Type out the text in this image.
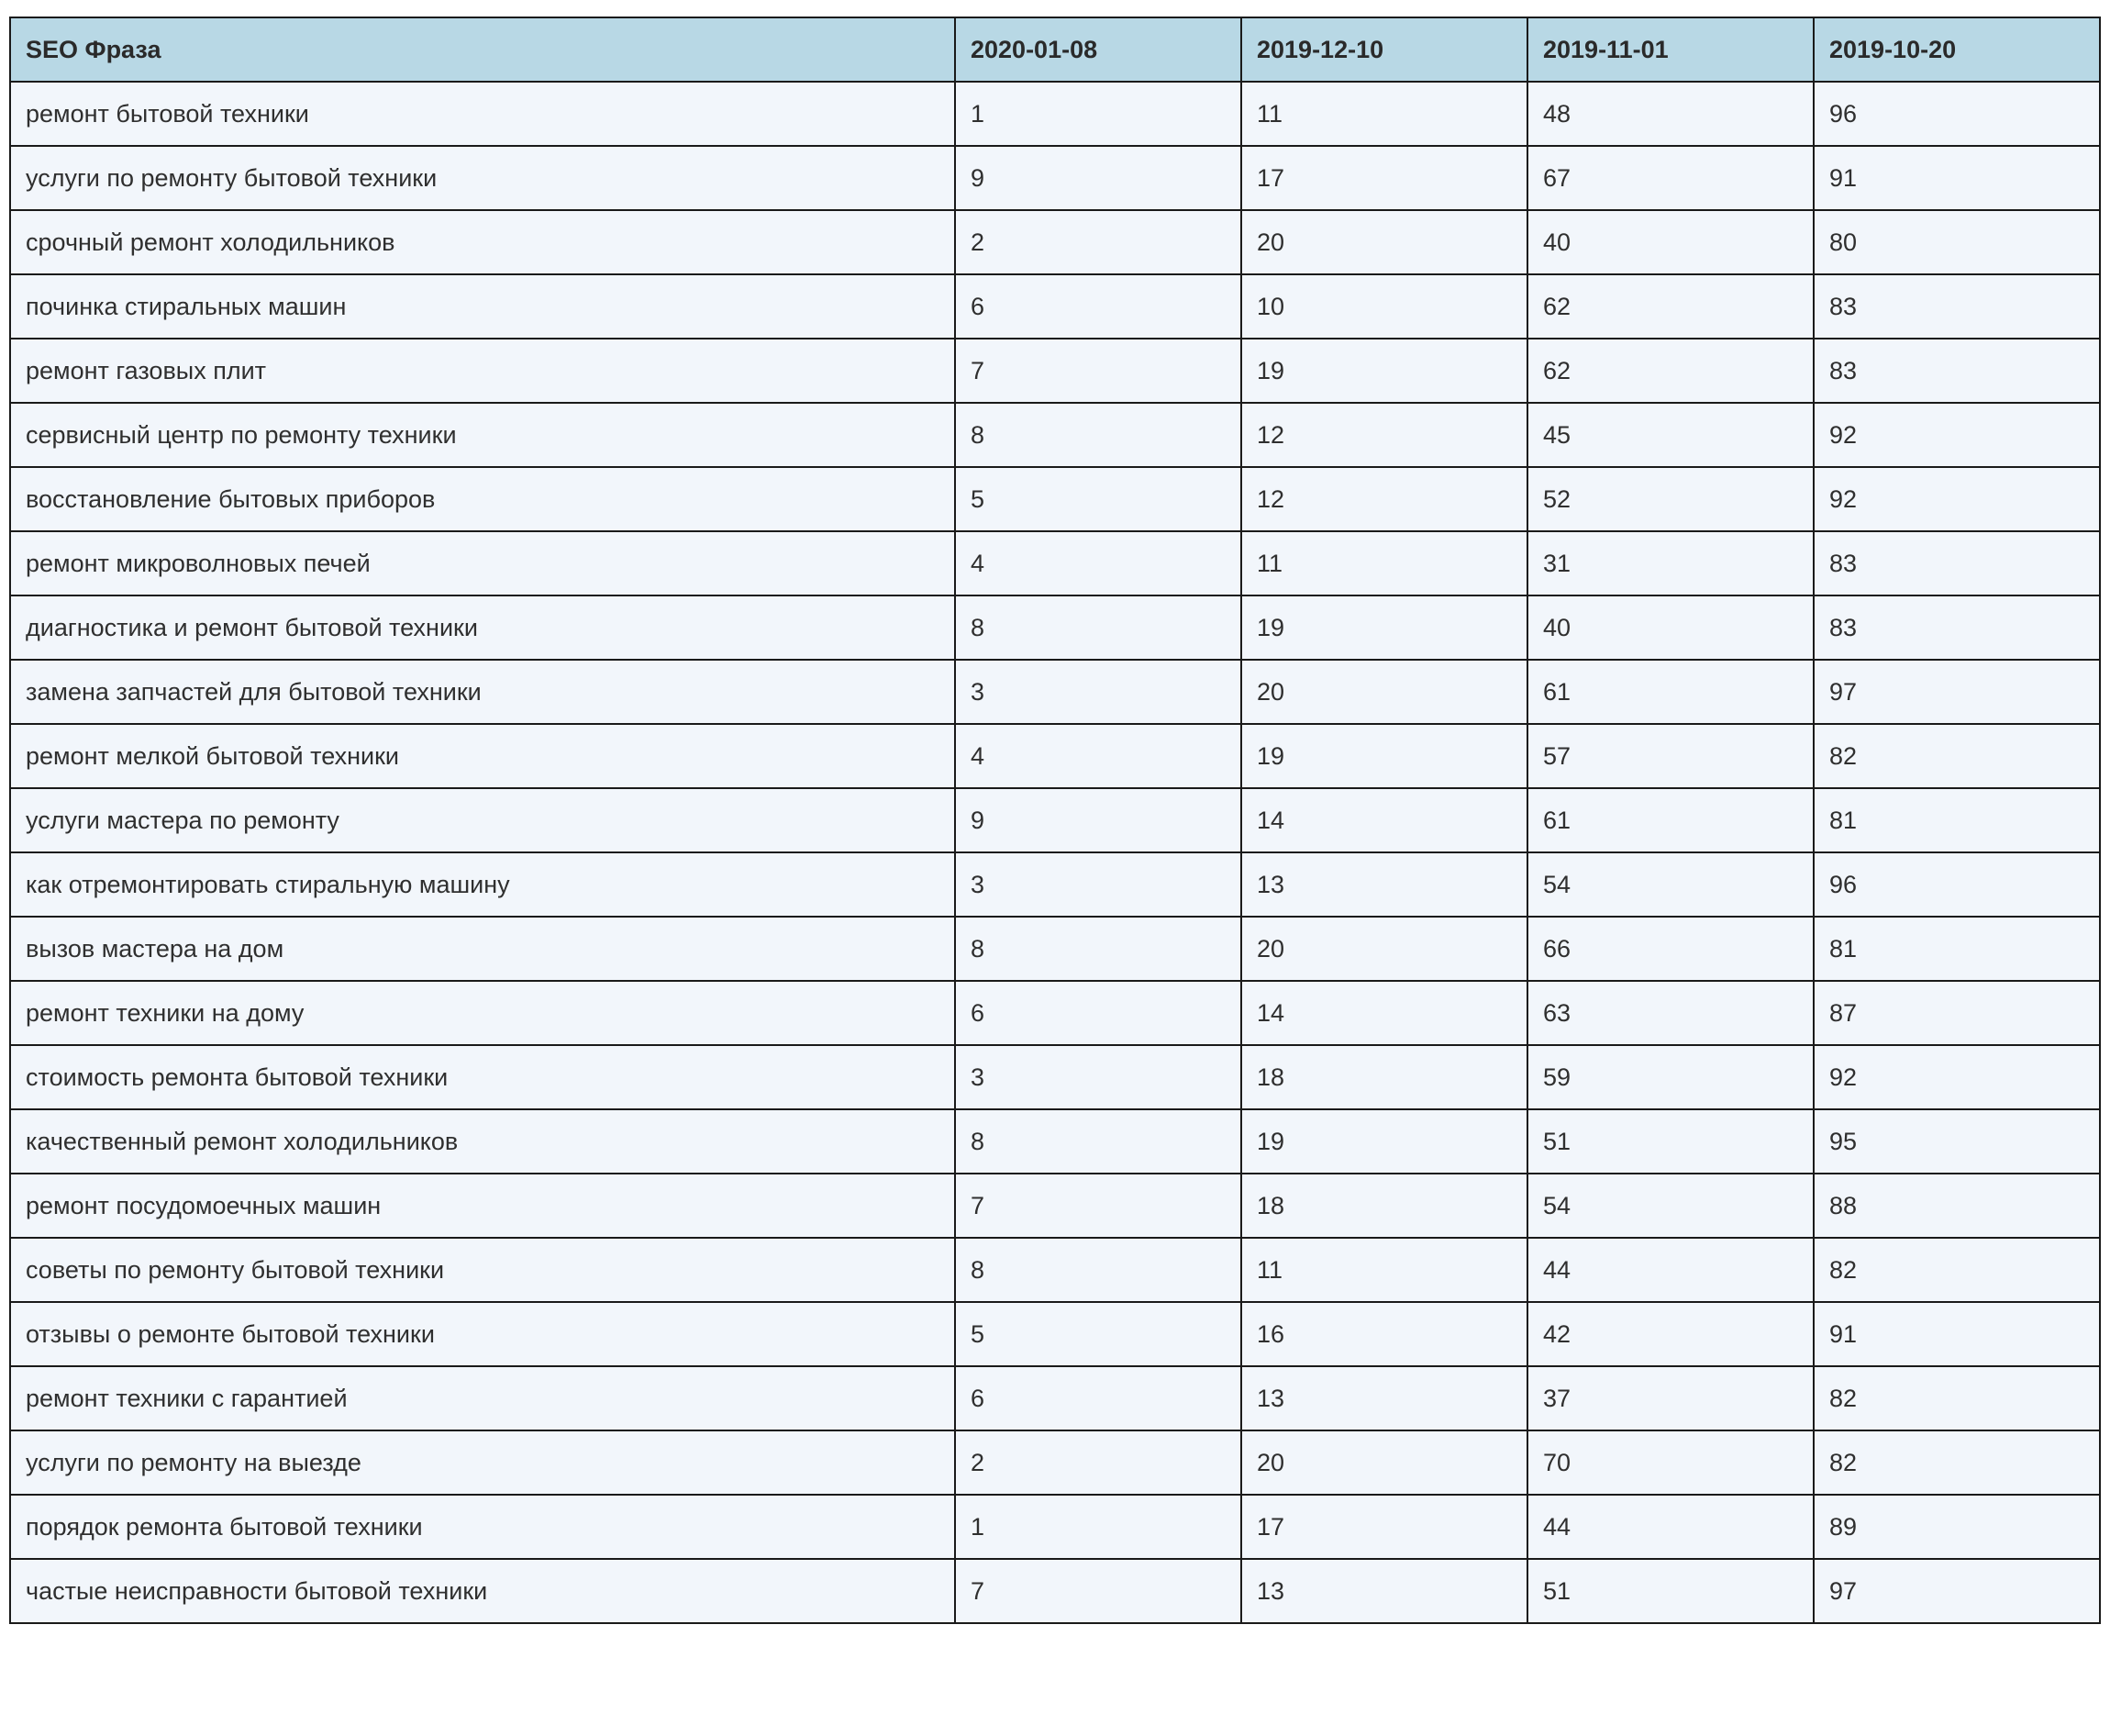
SEO Фраза	2020-01-08	2019-12-10	2019-11-01	2019-10-20
ремонт бытовой техники	1	11	48	96
услуги по ремонту бытовой техники	9	17	67	91
срочный ремонт холодильников	2	20	40	80
починка стиральных машин	6	10	62	83
ремонт газовых плит	7	19	62	83
сервисный центр по ремонту техники	8	12	45	92
восстановление бытовых приборов	5	12	52	92
ремонт микроволновых печей	4	11	31	83
диагностика и ремонт бытовой техники	8	19	40	83
замена запчастей для бытовой техники	3	20	61	97
ремонт мелкой бытовой техники	4	19	57	82
услуги мастера по ремонту	9	14	61	81
как отремонтировать стиральную машину	3	13	54	96
вызов мастера на дом	8	20	66	81
ремонт техники на дому	6	14	63	87
стоимость ремонта бытовой техники	3	18	59	92
качественный ремонт холодильников	8	19	51	95
ремонт посудомоечных машин	7	18	54	88
советы по ремонту бытовой техники	8	11	44	82
отзывы о ремонте бытовой техники	5	16	42	91
ремонт техники с гарантией	6	13	37	82
услуги по ремонту на выезде	2	20	70	82
порядок ремонта бытовой техники	1	17	44	89
частые неисправности бытовой техники	7	13	51	97
